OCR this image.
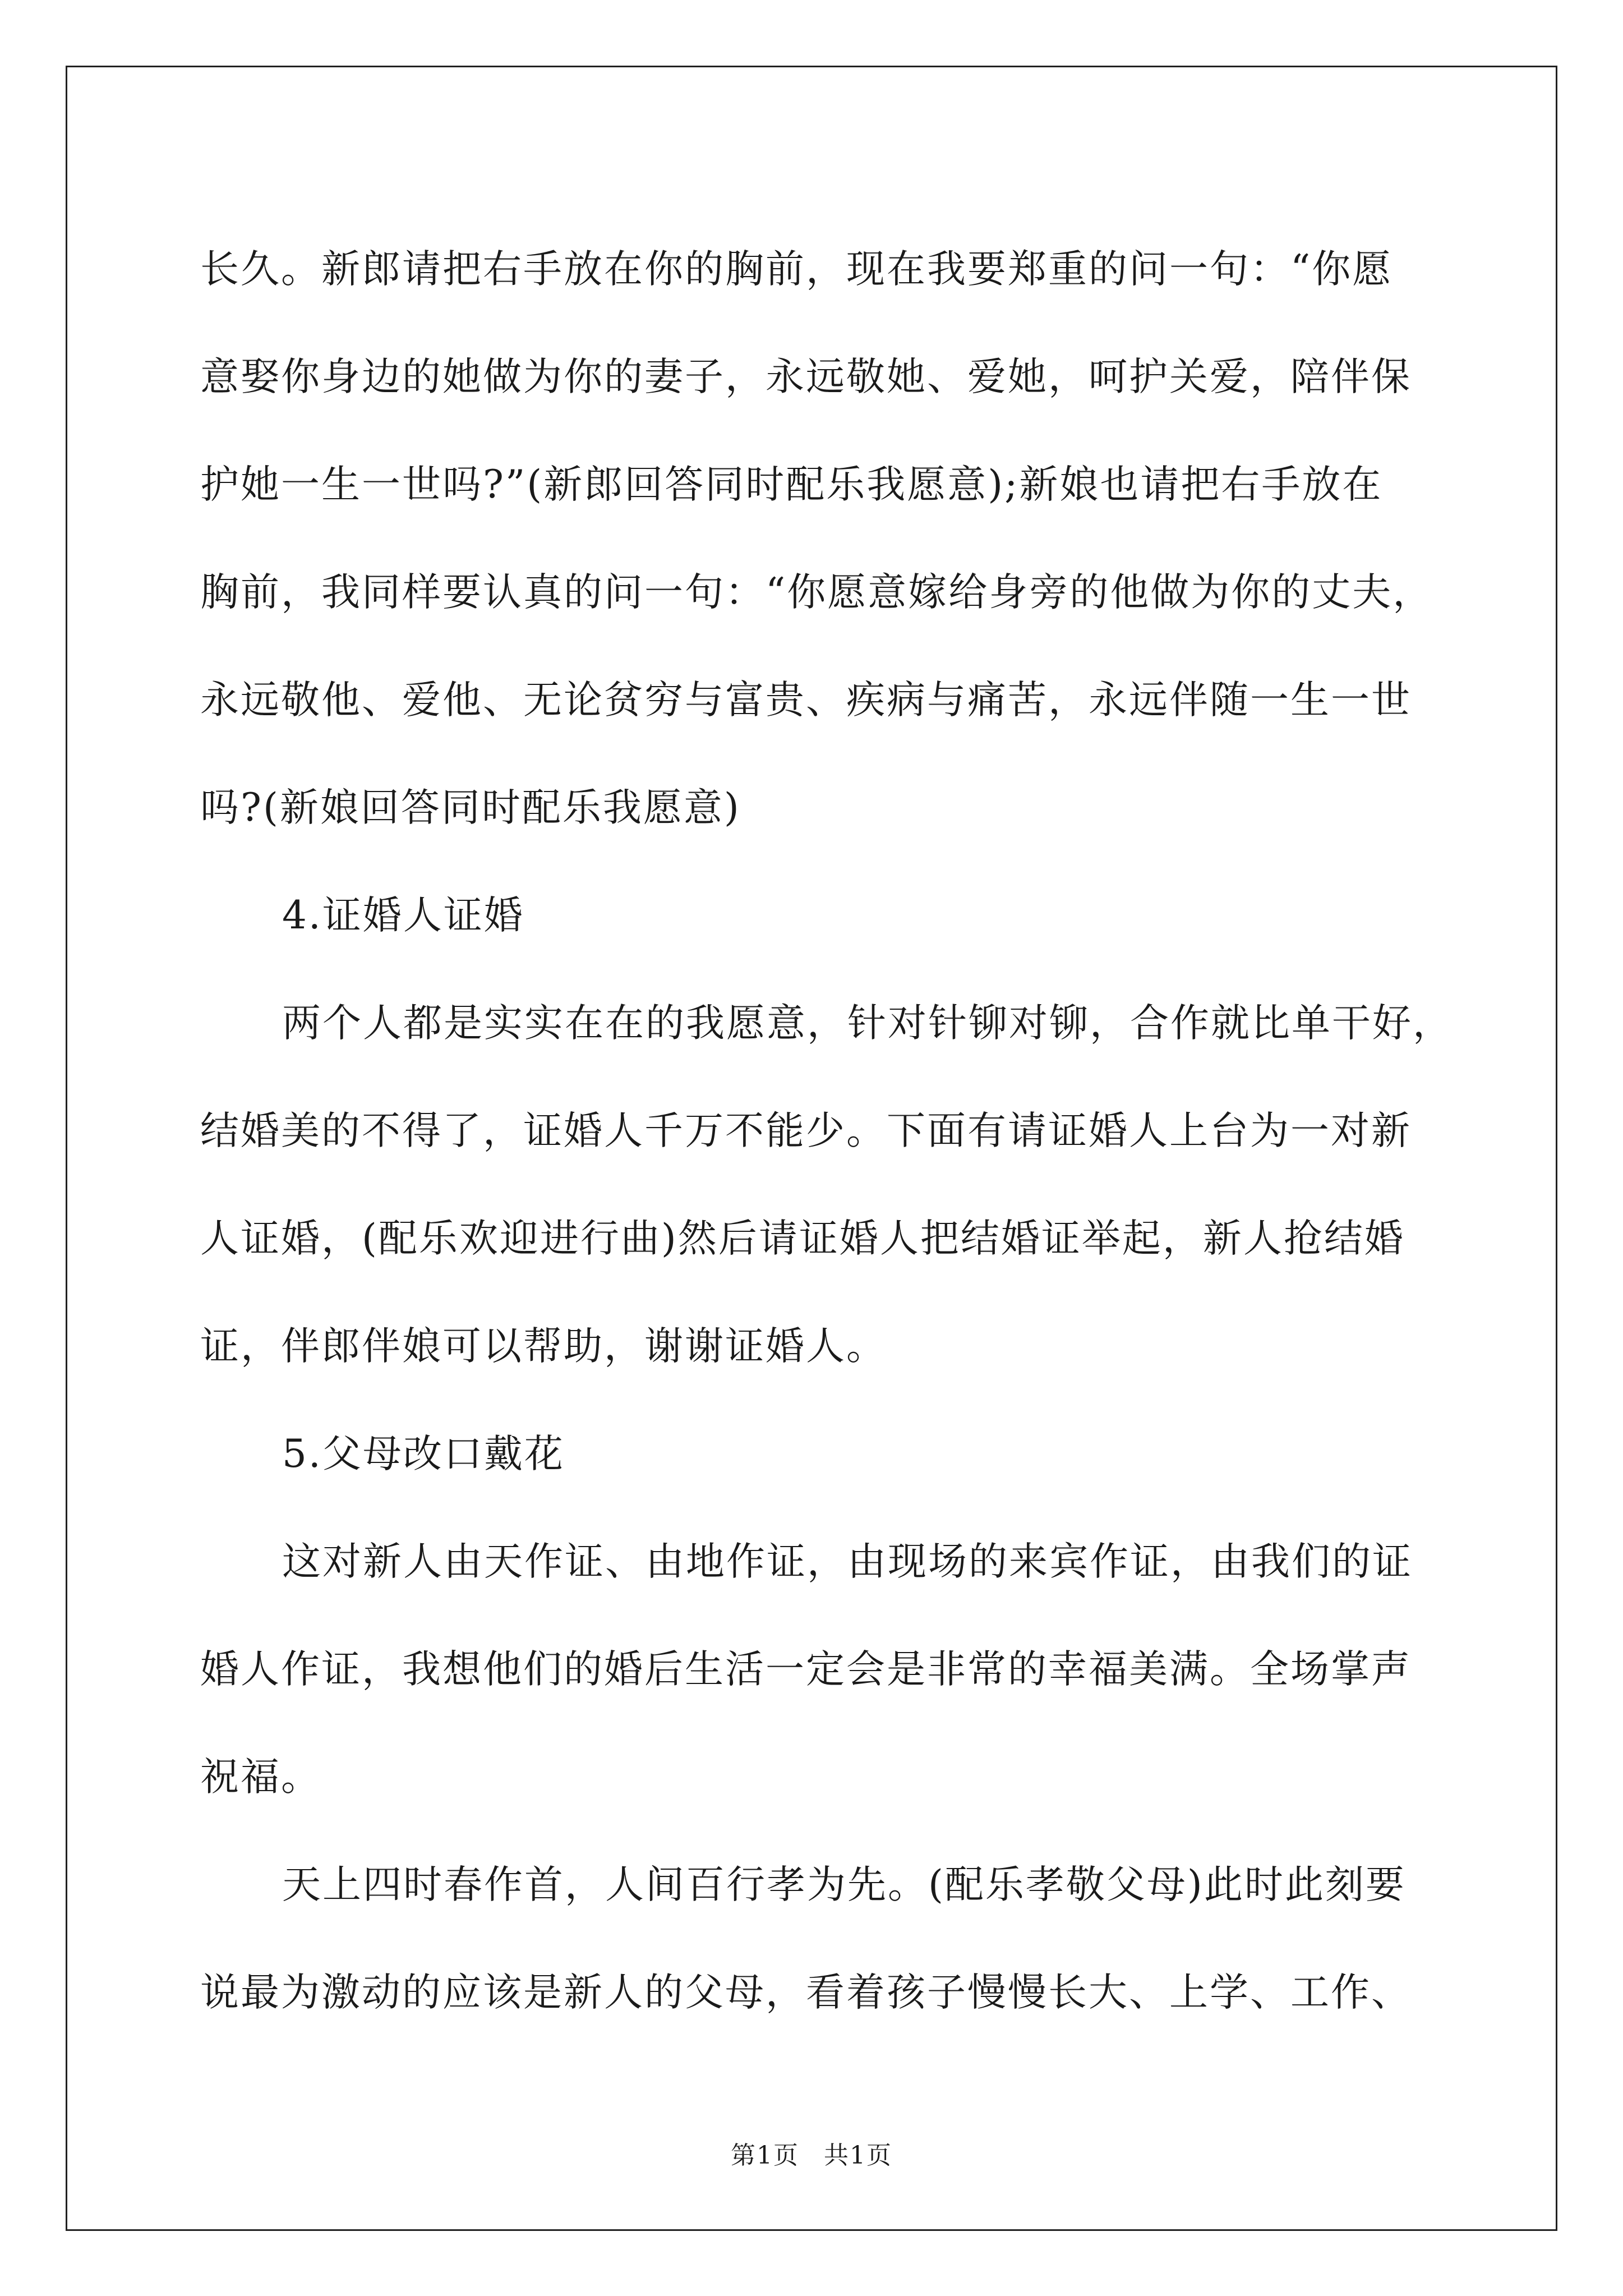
长久。新郎请把右手放在你的胸前，现在我要郑重的问一句：“你愿
意娶你身边的她做为你的妻子，永远敬她、爱她，呵护关爱，陪伴保
护她一生一世吗?”(新郎回答同时配乐我愿意);新娘也请把右手放在
胸前，我同样要认真的问一句：“你愿意嫁给身旁的他做为你的丈夫，
永远敬他、爱他、无论贫穷与富贵、疾病与痛苦，永远伴随一生一世
吗?(新娘回答同时配乐我愿意)

4.证婚人证婚

两个人都是实实在在的我愿意，针对针铆对铆，合作就比单干好，
结婚美的不得了，证婚人千万不能少。下面有请证婚人上台为一对新
人证婚，(配乐欢迎进行曲)然后请证婚人把结婚证举起，新人抢结婚
证，伴郎伴娘可以帮助，谢谢证婚人。

5.父母改口戴花

这对新人由天作证、由地作证，由现场的来宾作证，由我们的证
婚人作证，我想他们的婚后生活一定会是非常的幸福美满。全场掌声
祝福。

天上四时春作首，人间百行孝为先。(配乐孝敬父母)此时此刻要
说最为激动的应该是新人的父母，看着孩子慢慢长大、上学、工作、

第1页 共1页
